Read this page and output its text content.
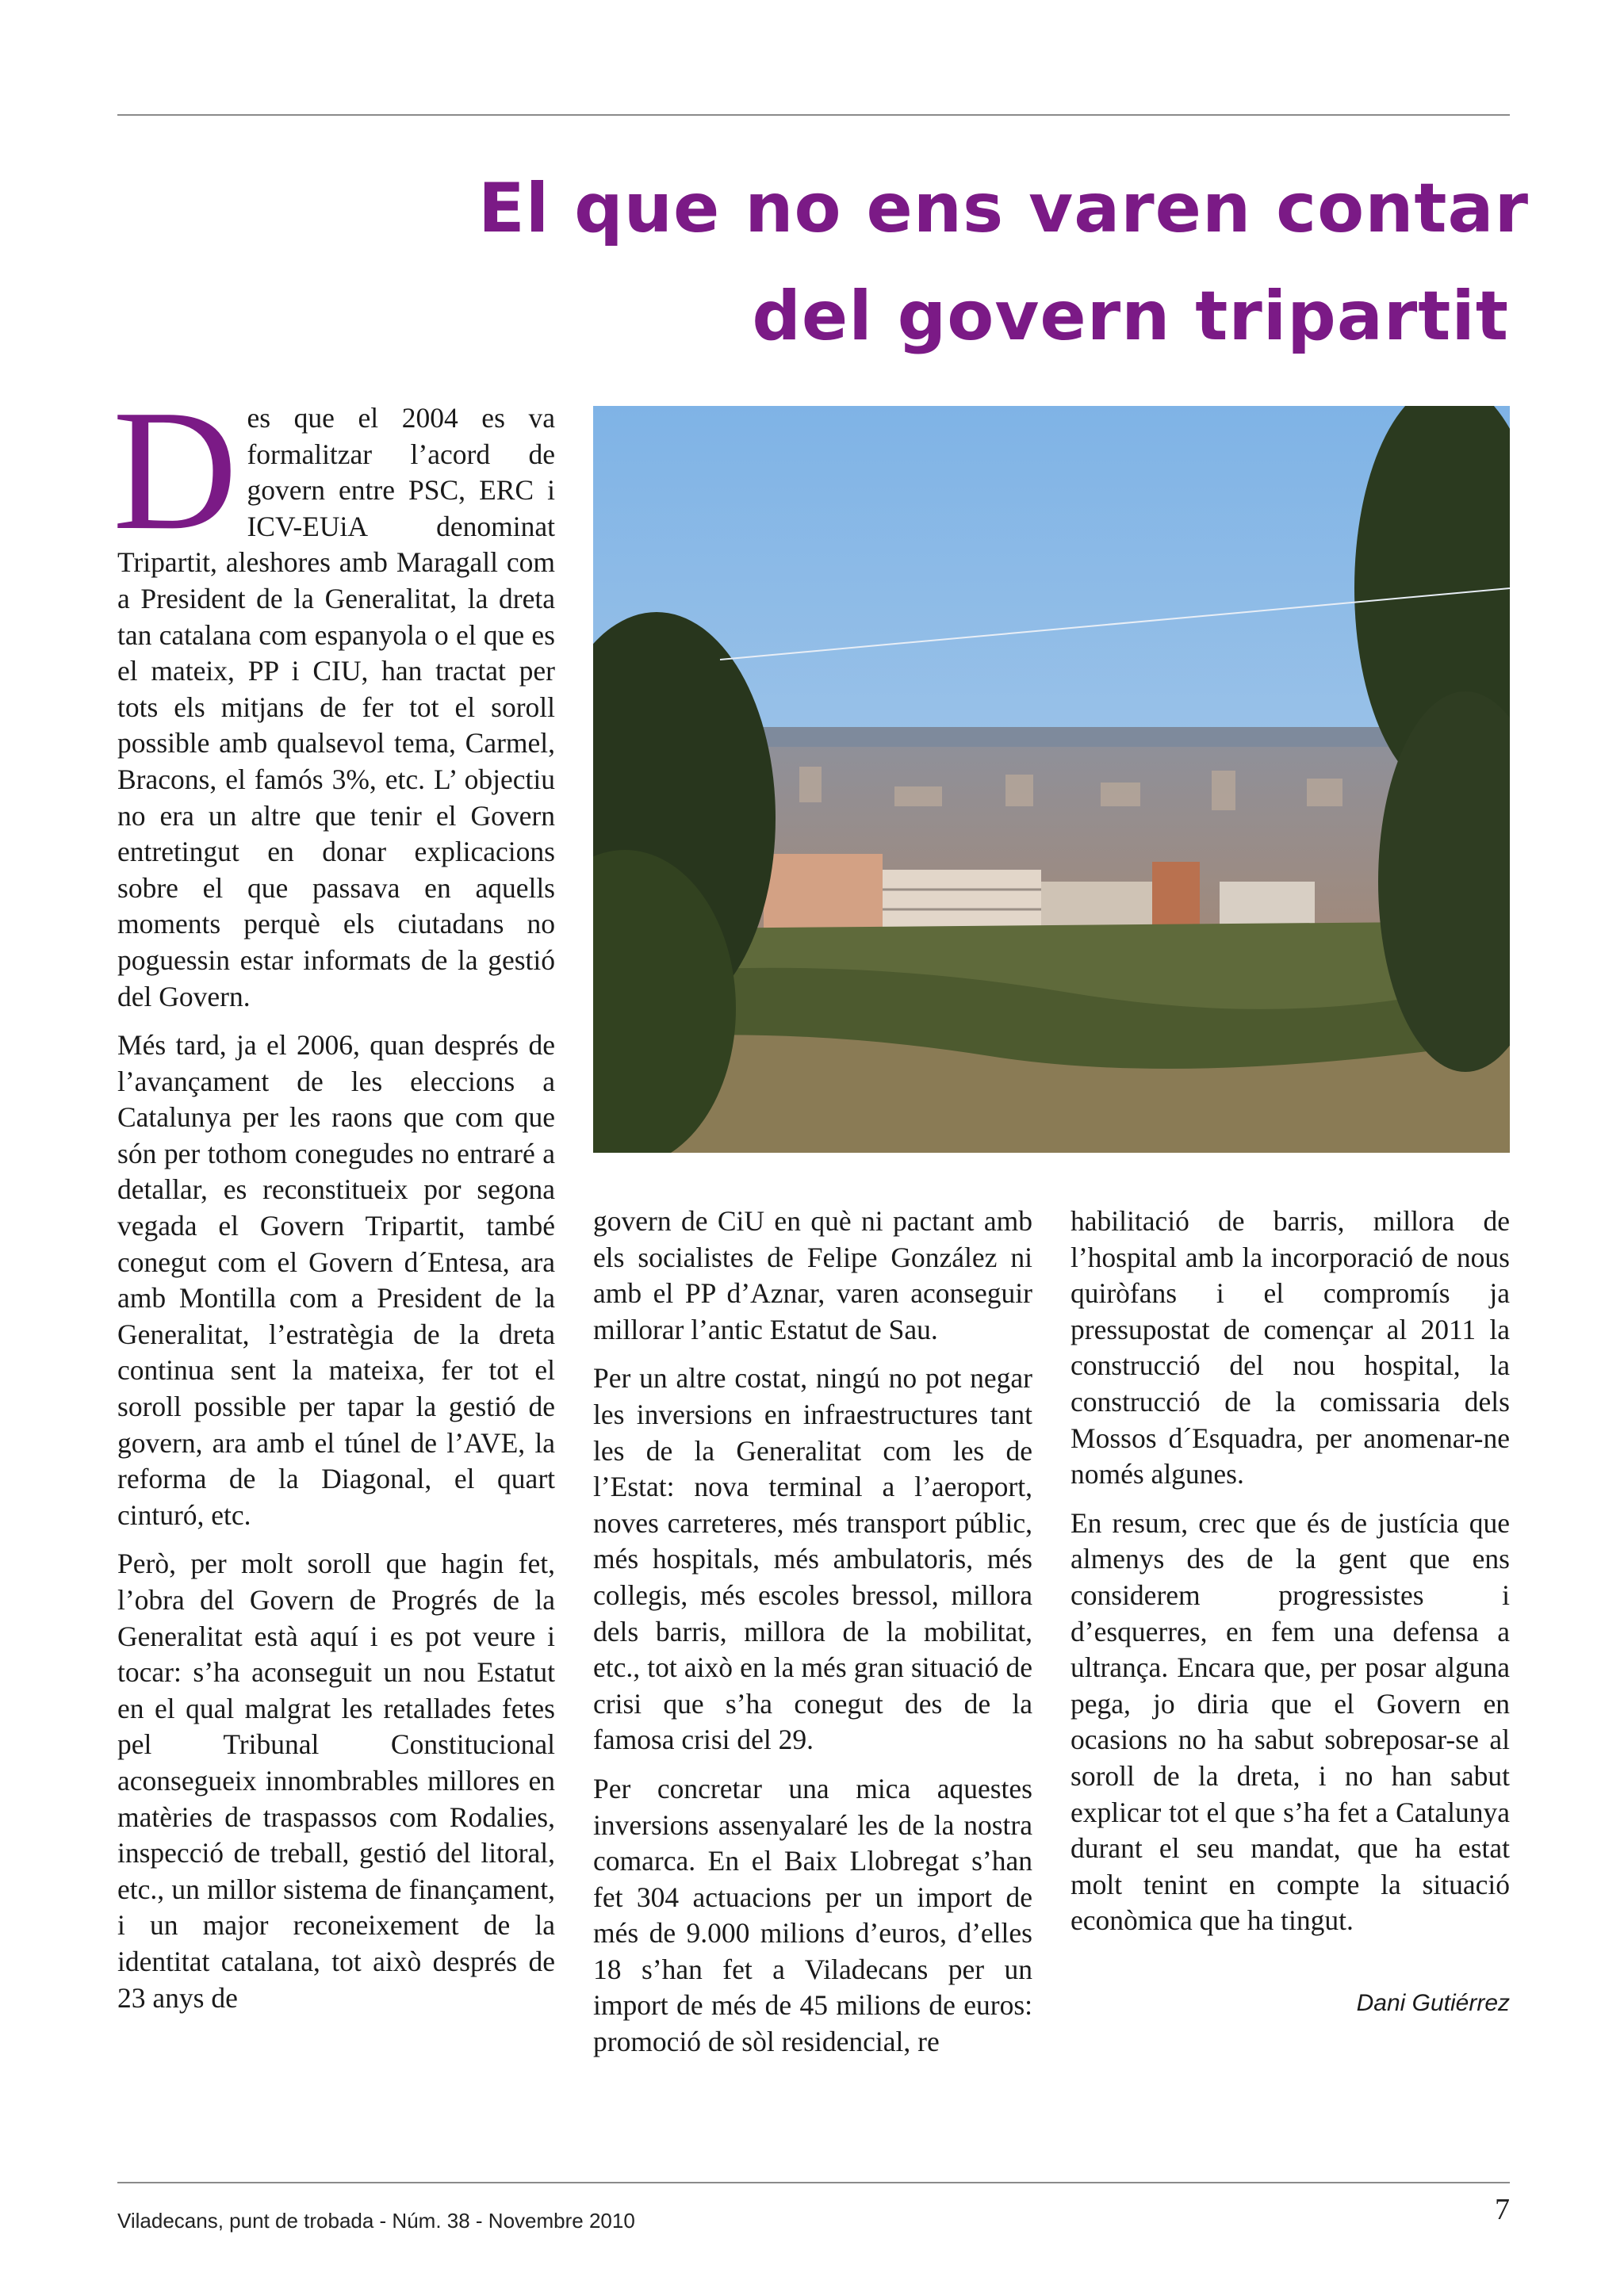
El que no ens varen contar
del govern tripartit

Des que el 2004 es va formalitzar l’acord de govern entre PSC, ERC i ICV-EUiA denominat Tripartit, aleshores amb Maragall com a President de la Generalitat, la dreta tan catalana com espanyola o el que es el mateix, PP i CIU, han tractat per tots els mitjans de fer tot el soroll possible amb qualsevol tema, Carmel, Bracons, el famós 3%, etc. L’ objectiu no era un altre que tenir el Govern entretingut en donar explicacions sobre el que passava en aquells moments perquè els ciutadans no poguessin estar informats de la gestió del Govern.

Més tard, ja el 2006, quan després de l’avançament de les eleccions a Catalunya per les raons que com que són per tothom conegudes no entraré a detallar, es reconstitueix por segona vegada el Govern Tripartit, també conegut com el Govern d´Entesa, ara amb Montilla com a President de la Generalitat, l’estratègia de la dreta continua sent la mateixa, fer tot el soroll possible per tapar la gestió de govern, ara amb el túnel de l’AVE, la reforma de la Diagonal, el quart cinturó, etc.

Però, per molt soroll que hagin fet, l’obra del Govern de Progrés de la Generalitat està aquí i es pot veure i tocar: s’ha aconseguit un nou Estatut en el qual malgrat les retallades fetes pel Tribunal Constitucional aconsegueix innombrables millores en matèries de traspassos com Rodalies, inspecció de treball, gestió del litoral, etc., un millor sistema de finançament, i un major reconeixement de la identitat catalana, tot això després de 23 anys de

govern de CiU en què ni pactant amb els socialistes de Felipe González ni amb el PP d’Aznar, varen aconseguir millorar l’antic Estatut de Sau.

Per un altre costat, ningú no pot negar les inversions en infraestructures tant les de la Generalitat com les de l’Estat: nova terminal a l’aeroport, noves carreteres, més transport públic, més hospitals, més ambulatoris, més collegis, més escoles bressol, millora dels barris, millora de la mobilitat, etc., tot això en la més gran situació de crisi que s’ha conegut des de la famosa crisi del 29.

Per concretar una mica aquestes inversions assenyalaré les de la nostra comarca. En el Baix Llobregat s’han fet 304 actuacions per un import de més de 9.000 milions d’euros, d’elles 18 s’han fet a Viladecans per un import de més de 45 milions de euros: promoció de sòl residencial, re

habilitació de barris, millora de l’hospital amb la incorporació de nous quiròfans i el compromís ja pressupostat de començar al 2011 la construcció del nou hospital, la construcció de la comissaria dels Mossos d´Esquadra, per anomenar-ne només algunes.

En resum, crec que és de justícia que almenys des de la gent que ens considerem progressistes i d’esquerres, en fem una defensa a ultrança. Encara que, per posar alguna pega, jo diria que el Govern en ocasions no ha sabut sobreposar-se al soroll de la dreta, i no han sabut explicar tot el que s’ha fet a Catalunya durant el seu mandat, que ha estat molt tenint en compte la situació econòmica que ha tingut.

Dani Gutiérrez
Viladecans, punt de trobada - Núm. 38 - Novembre 2010	7
